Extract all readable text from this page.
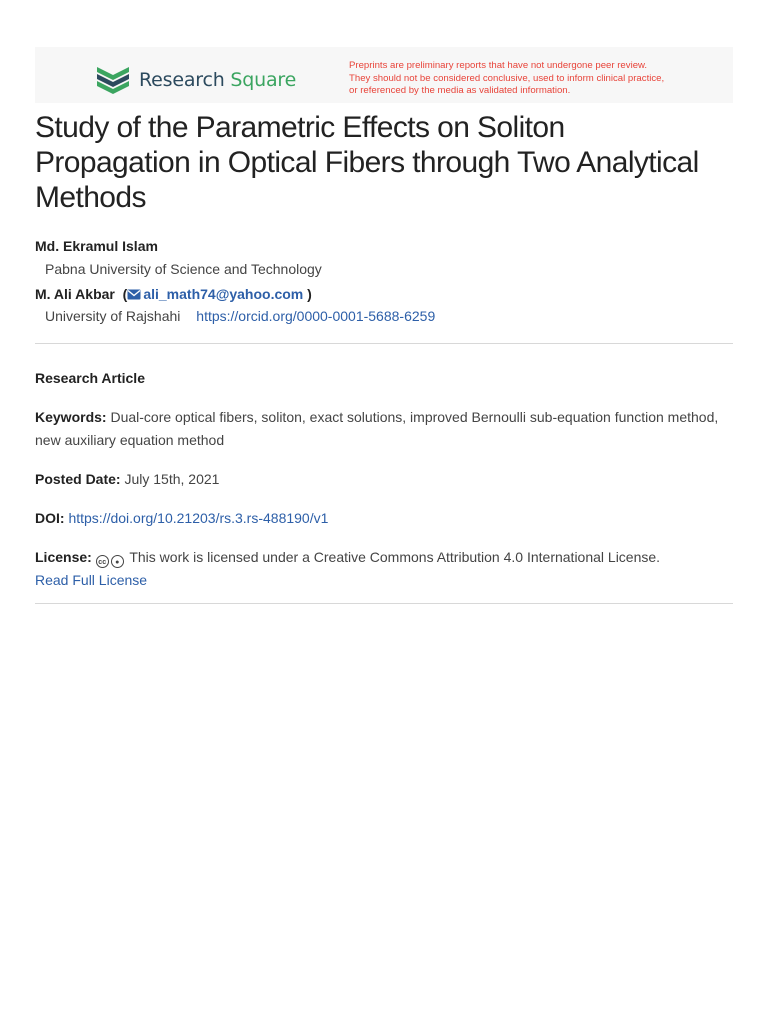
Research Square
Preprints are preliminary reports that have not undergone peer review.
They should not be considered conclusive, used to inform clinical practice,
or referenced by the media as validated information.
Study of the Parametric Effects on Soliton Propagation in Optical Fibers through Two Analytical Methods
Md. Ekramul Islam
Pabna University of Science and Technology
M. Ali Akbar  ( ali_math74@yahoo.com )
University of Rajshahi https://orcid.org/0000-0001-5688-6259
Research Article
Keywords: Dual-core optical fibers, soliton, exact solutions, improved Bernoulli sub-equation function method, new auxiliary equation method
Posted Date: July 15th, 2021
DOI: https://doi.org/10.21203/rs.3.rs-488190/v1
License: cc ● This work is licensed under a Creative Commons Attribution 4.0 International License.
Read Full License
